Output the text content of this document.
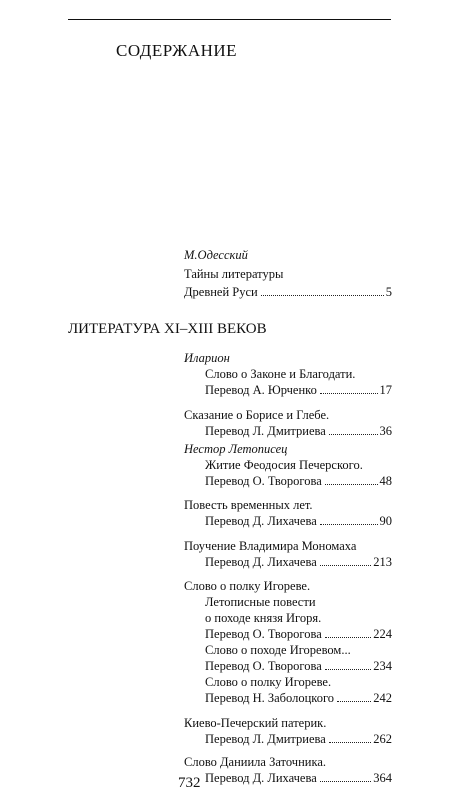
СОДЕРЖАНИЕ
М.Одесский
Тайны литературы
Древней Руси	5
ЛИТЕРАТУРА XI–XIII ВЕКОВ
Иларион
Слово о Законе и Благодати.
Перевод А. Юрченко	17
Сказание о Борисе и Глебе.
Перевод Л. Дмитриева	36
Нестор Летописец
Житие Феодосия Печерского.
Перевод О. Творогова	48
Повесть временных лет.
Перевод Д. Лихачева	90
Поучение Владимира Мономаха
Перевод Д. Лихачева	213
Слово о полку Игореве.
Летописные повести
о походе князя Игоря.
Перевод О. Творогова	224
Слово о походе Игоревом...
Перевод О. Творогова	234
Слово о полку Игореве.
Перевод Н. Заболоцкого	242
Киево-Печерский патерик.
Перевод Л. Дмитриева	262
Слово Даниила Заточника.
Перевод Д. Лихачева	364
732
